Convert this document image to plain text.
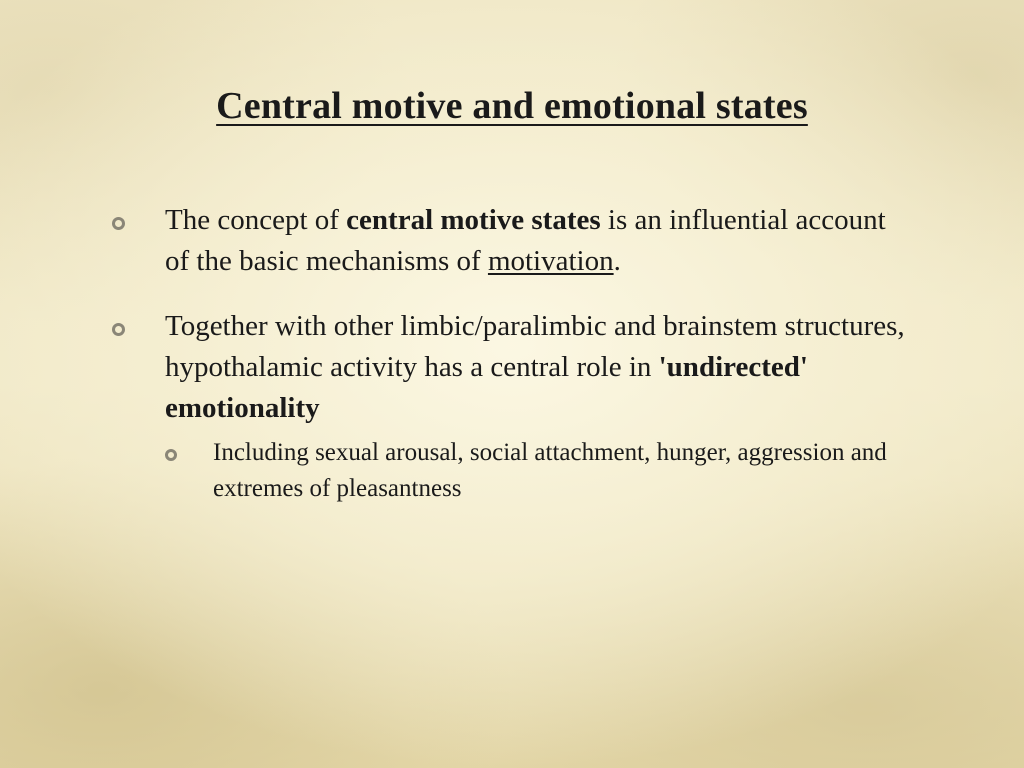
Central motive and emotional states
The concept of central motive states is an influential account of the basic mechanisms of motivation.
Together with other limbic/paralimbic and brainstem structures, hypothalamic activity has a central role in 'undirected' emotionality
Including sexual arousal, social attachment, hunger, aggression and extremes of pleasantness
